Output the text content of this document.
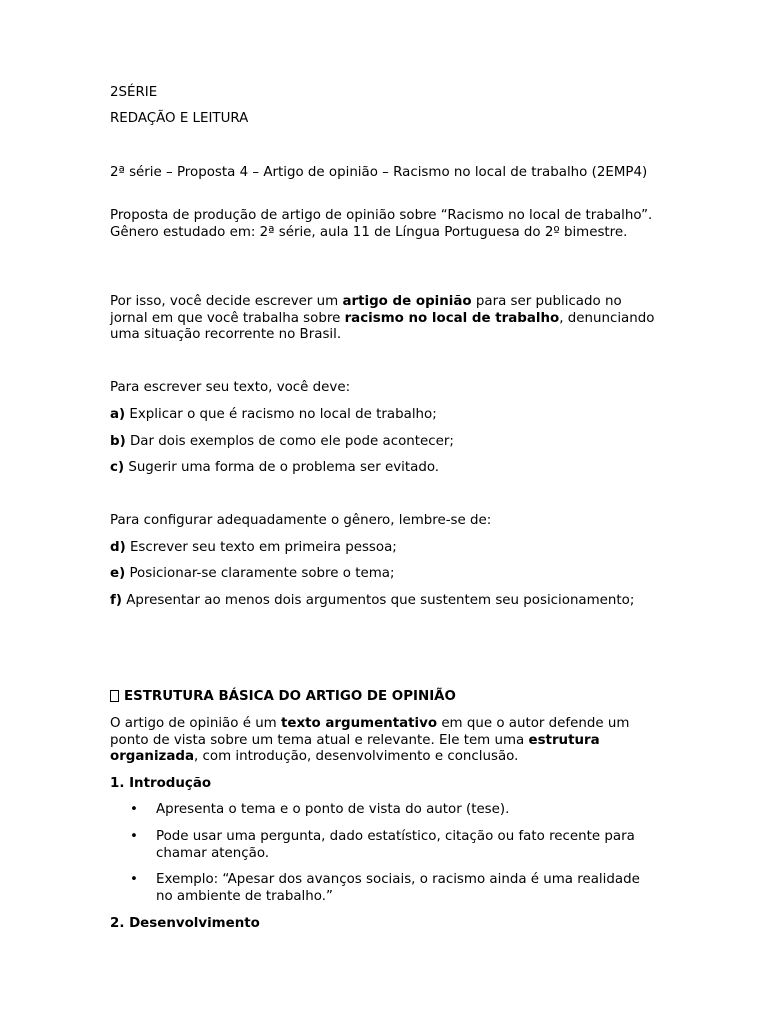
2SÉRIE

REDAÇÃO E LEITURA

2ª série – Proposta 4 – Artigo de opinião – Racismo no local de trabalho (2EMP4)

Proposta de produção de artigo de opinião sobre “Racismo no local de trabalho”. Gênero estudado em: 2ª série, aula 11 de Língua Portuguesa do 2º bimestre.

Por isso, você decide escrever um artigo de opinião para ser publicado no jornal em que você trabalha sobre racismo no local de trabalho, denunciando uma situação recorrente no Brasil.

Para escrever seu texto, você deve:

a) Explicar o que é racismo no local de trabalho;

b) Dar dois exemplos de como ele pode acontecer;

c) Sugerir uma forma de o problema ser evitado.

Para configurar adequadamente o gênero, lembre-se de:

d) Escrever seu texto em primeira pessoa;

e) Posicionar-se claramente sobre o tema;

f) Apresentar ao menos dois argumentos que sustentem seu posicionamento;

ESTRUTURA BÁSICA DO ARTIGO DE OPINIÃO

O artigo de opinião é um texto argumentativo em que o autor defende um ponto de vista sobre um tema atual e relevante. Ele tem uma estrutura organizada, com introdução, desenvolvimento e conclusão.

1. Introdução

•	Apresenta o tema e o ponto de vista do autor (tese).
•	Pode usar uma pergunta, dado estatístico, citação ou fato recente para chamar atenção.
•	Exemplo: “Apesar dos avanços sociais, o racismo ainda é uma realidade no ambiente de trabalho.”

2. Desenvolvimento
